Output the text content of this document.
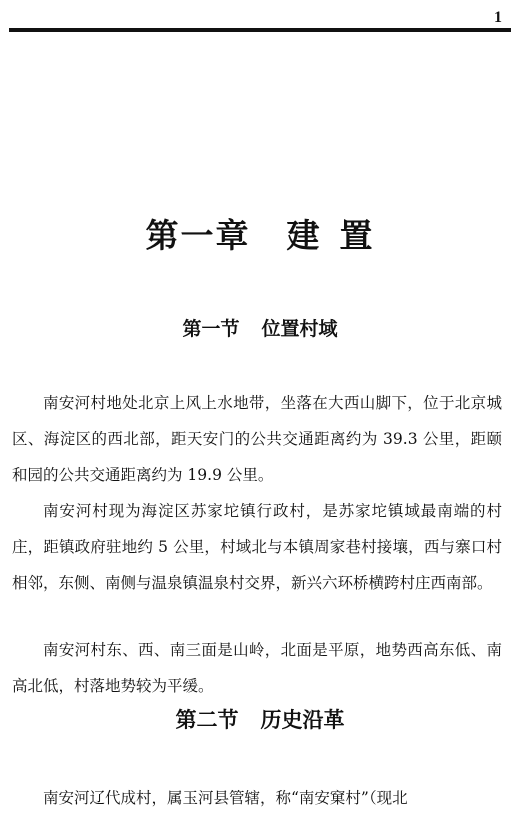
1
第一章 建 置
第一节 位置村域

南安河村地处北京上风上水地带，坐落在大西山脚下，位于北京城区、海淀区的西北部，距天安门的公共交通距离约为 39.3 公里，距颐和园的公共交通距离约为 19.9 公里。

南安河村现为海淀区苏家坨镇行政村，是苏家坨镇域最南端的村庄，距镇政府驻地约 5 公里，村域北与本镇周家巷村接壤，西与寨口村相邻，东侧、南侧与温泉镇温泉村交界，新兴六环桥横跨村庄西南部。

南安河村东、西、南三面是山岭，北面是平原，地势西高东低、南高北低，村落地势较为平缓。

第二节 历史沿革

南安河辽代成村，属玉河县管辖，称“南安窠村”（现北
